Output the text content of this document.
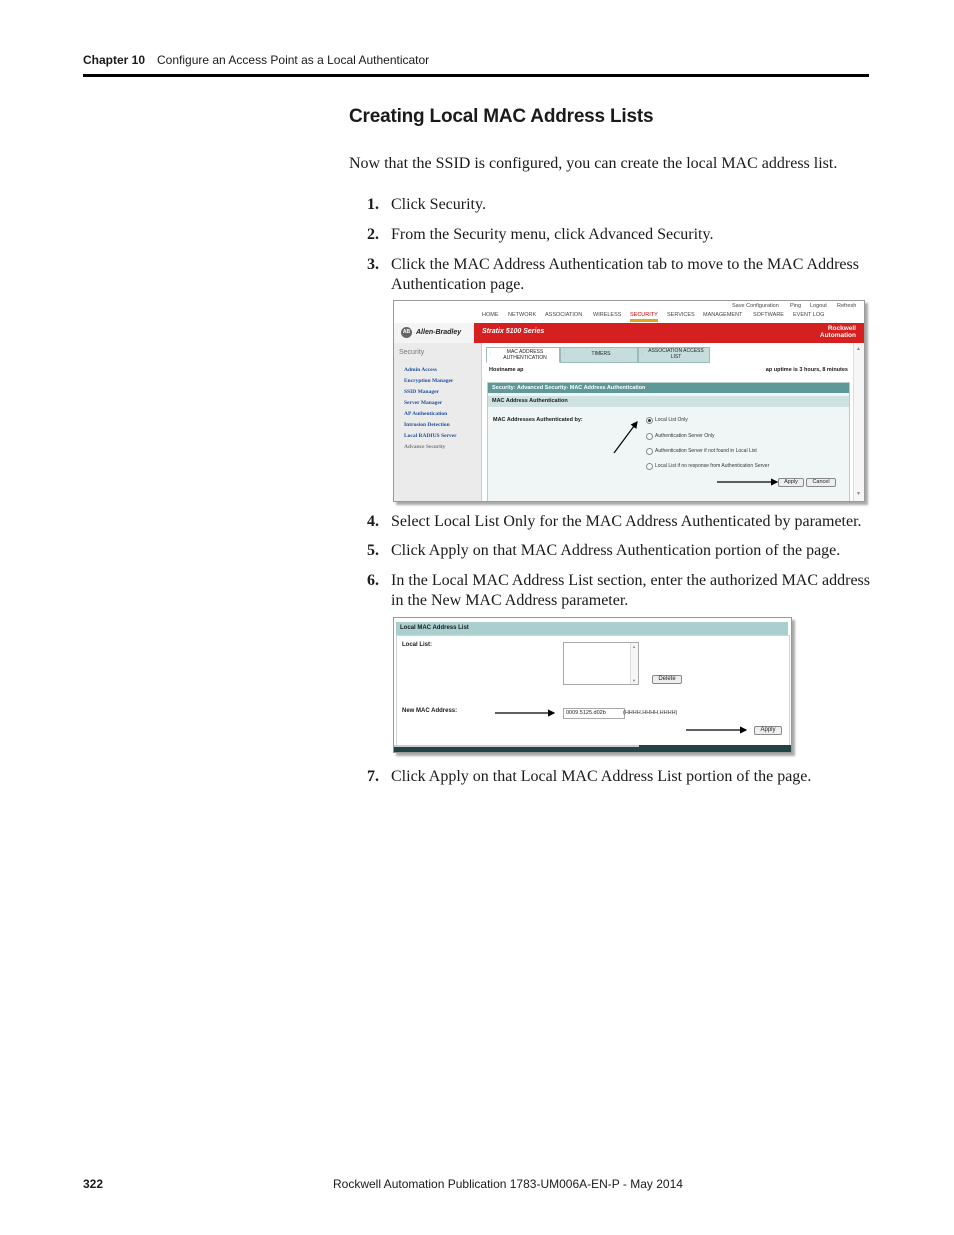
Chapter 10 Configure an Access Point as a Local Authenticator
Creating Local MAC Address Lists
Now that the SSID is configured, you can create the local MAC address list.
1. Click Security.
2. From the Security menu, click Advanced Security.
3. Click the MAC Address Authentication tab to move to the MAC Address Authentication page.
Save Configuration Ping Logout Refresh
HOME NETWORK ASSOCIATION WIRELESS SECURITY SERVICES MANAGEMENT SOFTWARE EVENT LOG
AB Allen-Bradley	Stratix 5100 Series	Rockwell
Automation
Security
Admin Access
Encryption Manager
SSID Manager
Server Manager
AP Authentication
Intrusion Detection
Local RADIUS Server
Advance Security
⋮	MAC ADDRESS AUTHENTICATION
⋮	TIMERS	⋮ ASSOCIATION ACCESS LIST
Hostname ap	ap uptime is 3 hours, 8 minutes
Security: Advanced Security- MAC Address Authentication
MAC Address Authentication
MAC Addresses Authenticated by:	Local List Only
Authentication Server Only
Authentication Server if not found in Local List
Local List if no response from Authentication Server
Apply	Cancel
▲
▼
4. Select Local List Only for the MAC Address Authenticated by parameter.
5. Click Apply on that MAC Address Authentication portion of the page.
6. In the Local MAC Address List section, enter the authorized MAC address in the New MAC Address parameter.
Local MAC Address List
Local List:	▲
▼	Delete
New MAC Address:	0009.5125.d02b	(HHHH.HHHH.HHHH)
Apply
7. Click Apply on that Local MAC Address List portion of the page.
322	Rockwell Automation Publication 1783-UM006A-EN-P - May 2014
